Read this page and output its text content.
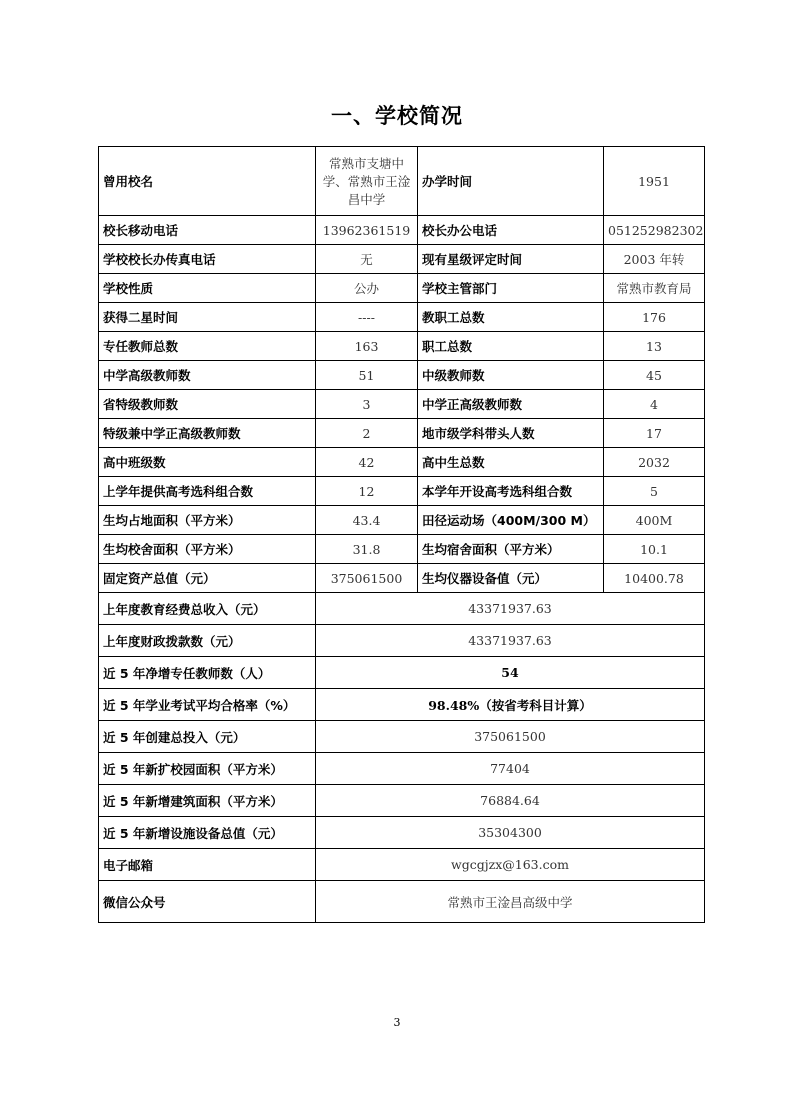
一、学校简况
曾用校名	常熟市支塘中学、常熟市王淦昌中学	办学时间	1951
校长移动电话	13962361519	校长办公电话	051252982302
学校校长办传真电话	无	现有星级评定时间	2003 年转
学校性质	公办	学校主管部门	常熟市教育局
获得二星时间	----	教职工总数	176
专任教师总数	163	职工总数	13
中学高级教师数	51	中级教师数	45
省特级教师数	3	中学正高级教师数	4
特级兼中学正高级教师数	2	地市级学科带头人数	17
高中班级数	42	高中生总数	2032
上学年提供高考选科组合数	12	本学年开设高考选科组合数	5
生均占地面积（平方米）	43.4	田径运动场（400M/300 M）	400M
生均校舍面积（平方米）	31.8	生均宿舍面积（平方米）	10.1
固定资产总值（元）	375061500	生均仪器设备值（元）	10400.78
上年度教育经费总收入（元）	43371937.63		
上年度财政拨款数（元）	43371937.63		
近 5 年净增专任教师数（人）	54		
近 5 年学业考试平均合格率（%）	98.48%（按省考科目计算）		
近 5 年创建总投入（元）	375061500		
近 5 年新扩校园面积（平方米）	77404		
近 5 年新增建筑面积（平方米）	76884.64		
近 5 年新增设施设备总值（元）	35304300		
电子邮箱	wgcgjzx@163.com		
微信公众号	常熟市王淦昌高级中学		
3
